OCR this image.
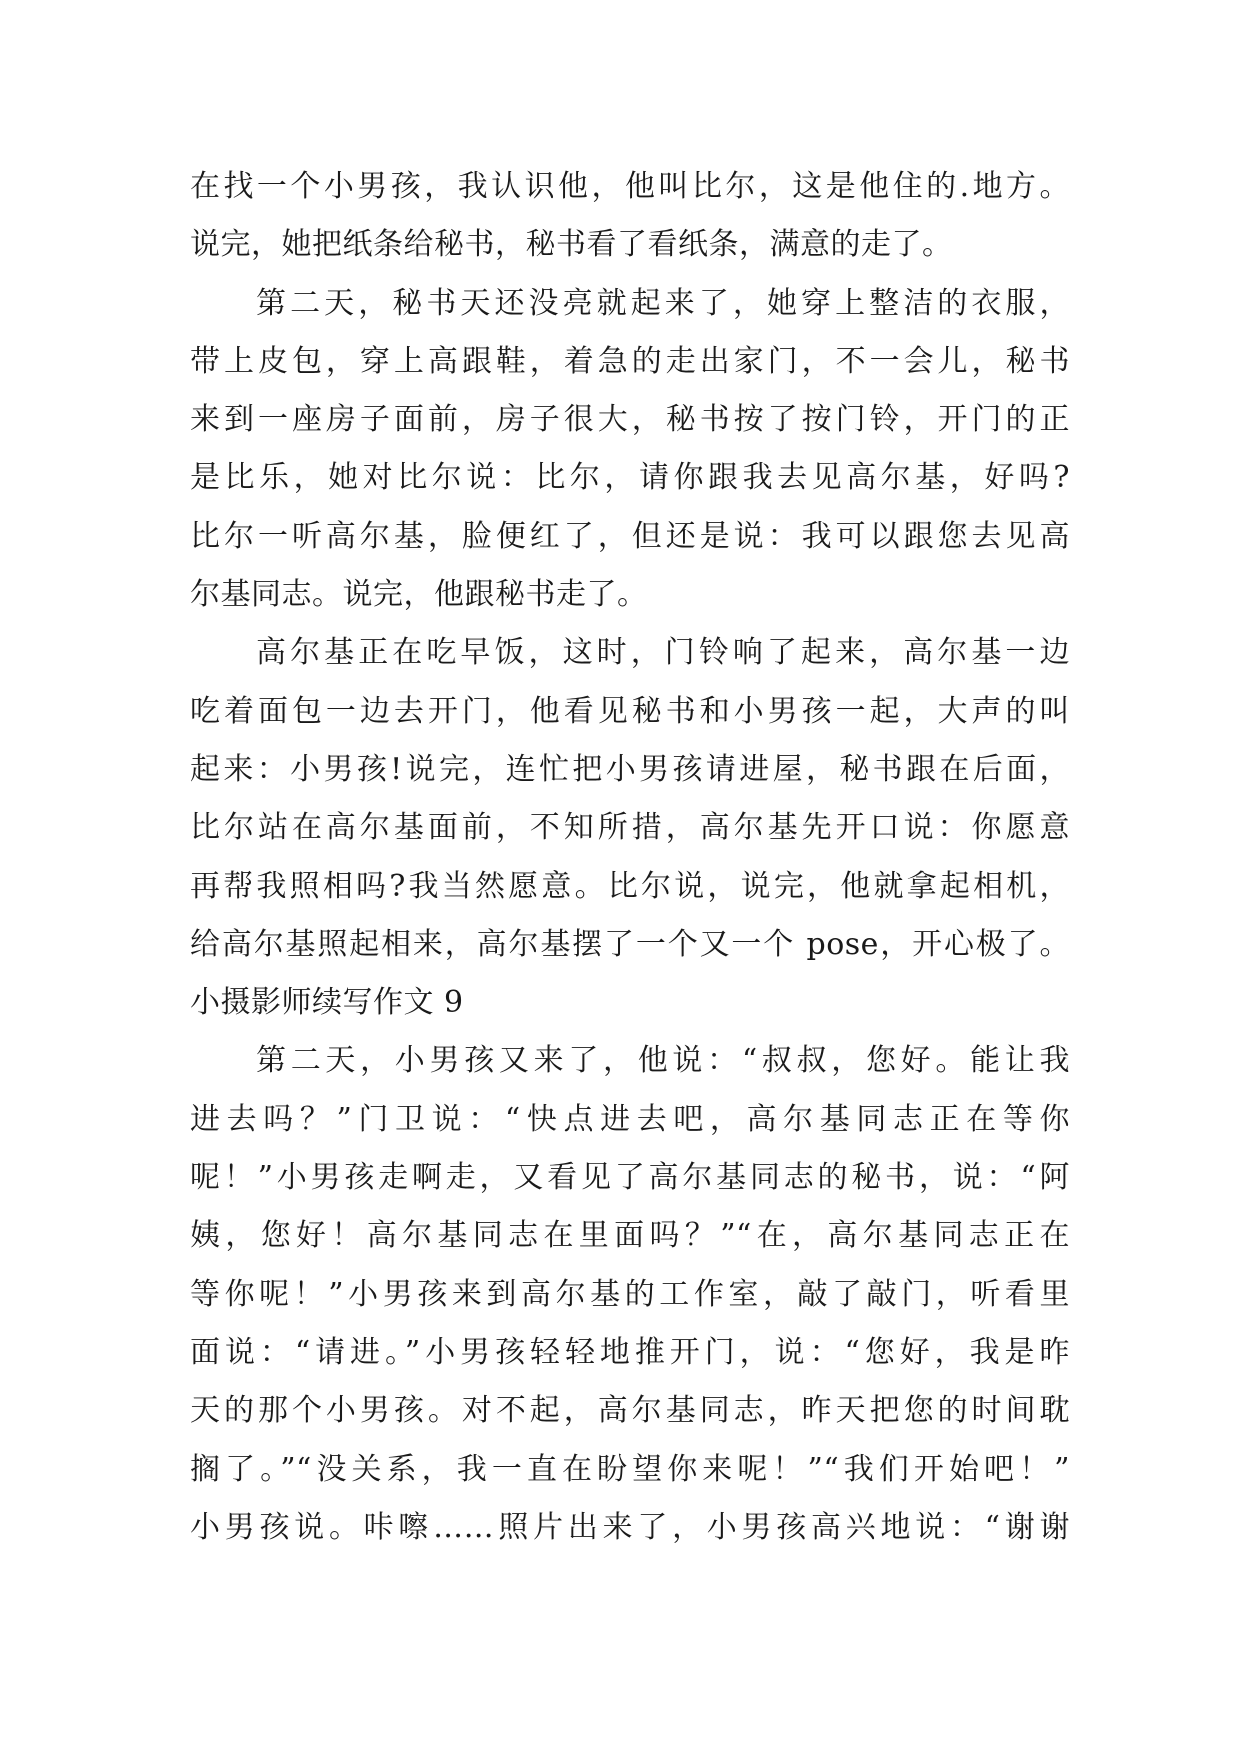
在找一个小男孩，我认识他，他叫比尔，这是他住的.地方。
说完，她把纸条给秘书，秘书看了看纸条，满意的走了。
第二天，秘书天还没亮就起来了，她穿上整洁的衣服，
带上皮包，穿上高跟鞋，着急的走出家门，不一会儿，秘书
来到一座房子面前，房子很大，秘书按了按门铃，开门的正
是比乐，她对比尔说：比尔，请你跟我去见高尔基，好吗?
比尔一听高尔基，脸便红了，但还是说：我可以跟您去见高
尔基同志。说完，他跟秘书走了。
高尔基正在吃早饭，这时，门铃响了起来，高尔基一边
吃着面包一边去开门，他看见秘书和小男孩一起，大声的叫
起来：小男孩!说完，连忙把小男孩请进屋，秘书跟在后面，
比尔站在高尔基面前，不知所措，高尔基先开口说：你愿意
再帮我照相吗?我当然愿意。比尔说，说完，他就拿起相机，
给高尔基照起相来，高尔基摆了一个又一个 pose，开心极了。
小摄影师续写作文 9
第二天，小男孩又来了，他说：“叔叔，您好。能让我
进去吗？”门卫说：“快点进去吧，高尔基同志正在等你
呢！”小男孩走啊走，又看见了高尔基同志的秘书，说：“阿
姨，您好！高尔基同志在里面吗？”“在，高尔基同志正在
等你呢！”小男孩来到高尔基的工作室，敲了敲门，听看里
面说：“请进。”小男孩轻轻地推开门，说：“您好，我是昨
天的那个小男孩。对不起，高尔基同志，昨天把您的时间耽
搁了。”“没关系，我一直在盼望你来呢！”“我们开始吧！”
小男孩说。咔嚓……照片出来了，小男孩高兴地说：“谢谢
